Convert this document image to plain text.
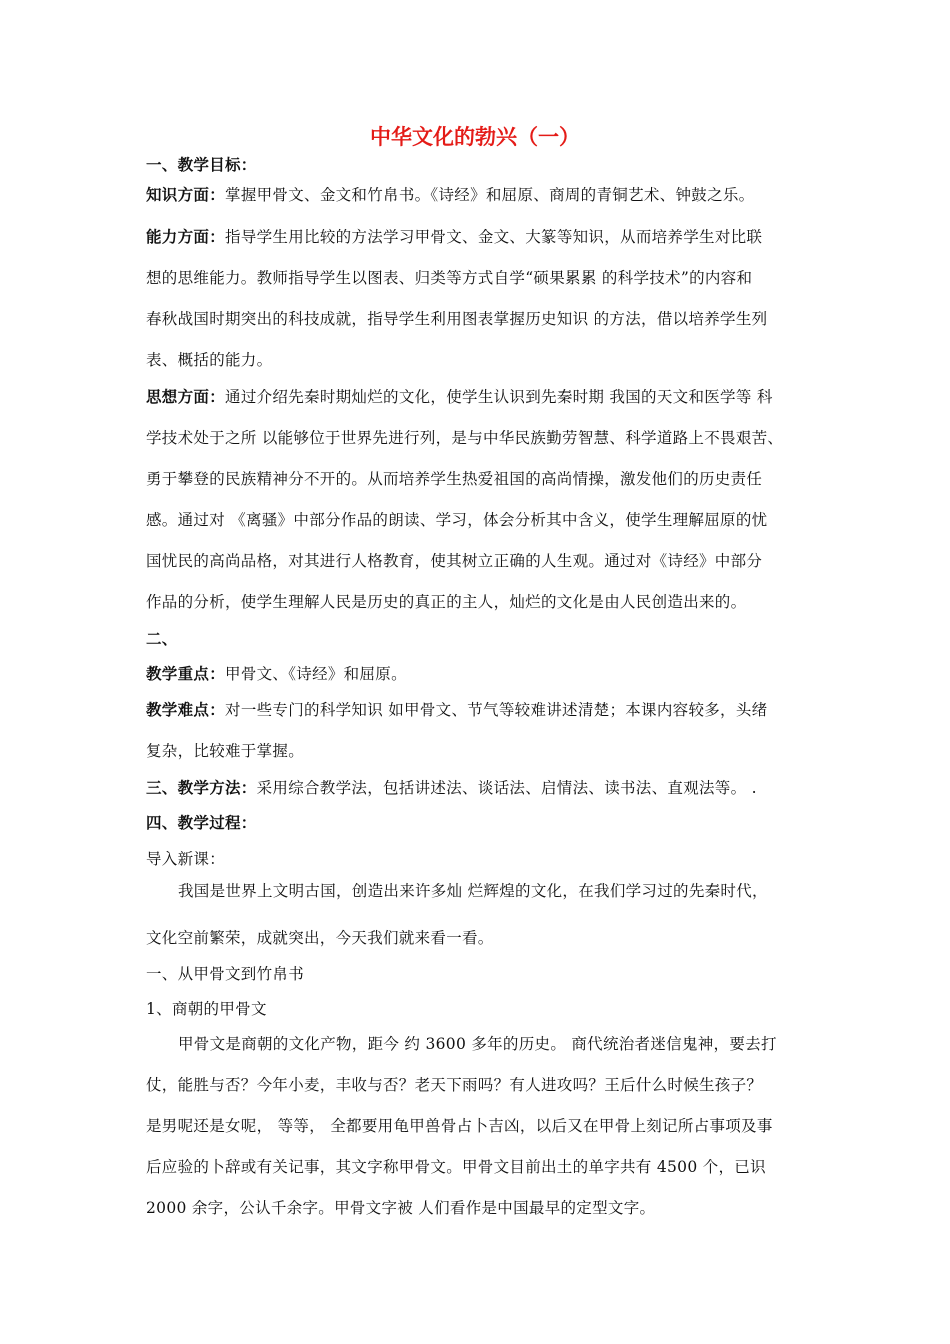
中华文化的勃兴（一）
一、教学目标：
知识方面：掌握甲骨文、金文和竹帛书。《诗经》和屈原、商周的青铜艺术、钟鼓之乐。
能力方面：指导学生用比较的方法学习甲骨文、金文、大篆等知识，从而培养学生对比联
想的思维能力。教师指导学生以图表、归类等方式自学“硕果累累 的科学技术”的内容和
春秋战国时期突出的科技成就，指导学生利用图表掌握历史知识 的方法，借以培养学生列
表、概括的能力。
思想方面：通过介绍先秦时期灿烂的文化，使学生认识到先秦时期 我国的天文和医学等 科
学技术处于之所 以能够位于世界先进行列，是与中华民族勤劳智慧、科学道路上不畏艰苦、
勇于攀登的民族精神分不开的。从而培养学生热爱祖国的高尚情操，激发他们的历史责任
感。通过对 《离骚》中部分作品的朗读、学习，体会分析其中含义，使学生理解屈原的忧
国忧民的高尚品格，对其进行人格教育，使其树立正确的人生观。通过对《诗经》中部分
作品的分析，使学生理解人民是历史的真正的主人，灿烂的文化是由人民创造出来的。
二、
教学重点：甲骨文、《诗经》和屈原。
教学难点：对一些专门的科学知识 如甲骨文、节气等较难讲述清楚；本课内容较多，头绪
复杂，比较难于掌握。
三、教学方法：采用综合教学法，包括讲述法、谈话法、启情法、读书法、直观法等。 .
四、教学过程：
导入新课：
我国是世界上文明古国，创造出来许多灿 烂辉煌的文化，在我们学习过的先秦时代，
文化空前繁荣，成就突出，今天我们就来看一看。
一、从甲骨文到竹帛书
1、商朝的甲骨文
甲骨文是商朝的文化产物，距今 约 3600 多年的历史。 商代统治者迷信鬼神，要去打
仗，能胜与否？今年小麦，丰收与否？老天下雨吗？有人进攻吗？王后什么时候生孩子？
是男呢还是女呢， 等等， 全都要用龟甲兽骨占卜吉凶，以后又在甲骨上刻记所占事项及事
后应验的卜辞或有关记事，其文字称甲骨文。甲骨文目前出土的单字共有 4500 个，已识
2000 余字，公认千余字。甲骨文字被 人们看作是中国最早的定型文字。
